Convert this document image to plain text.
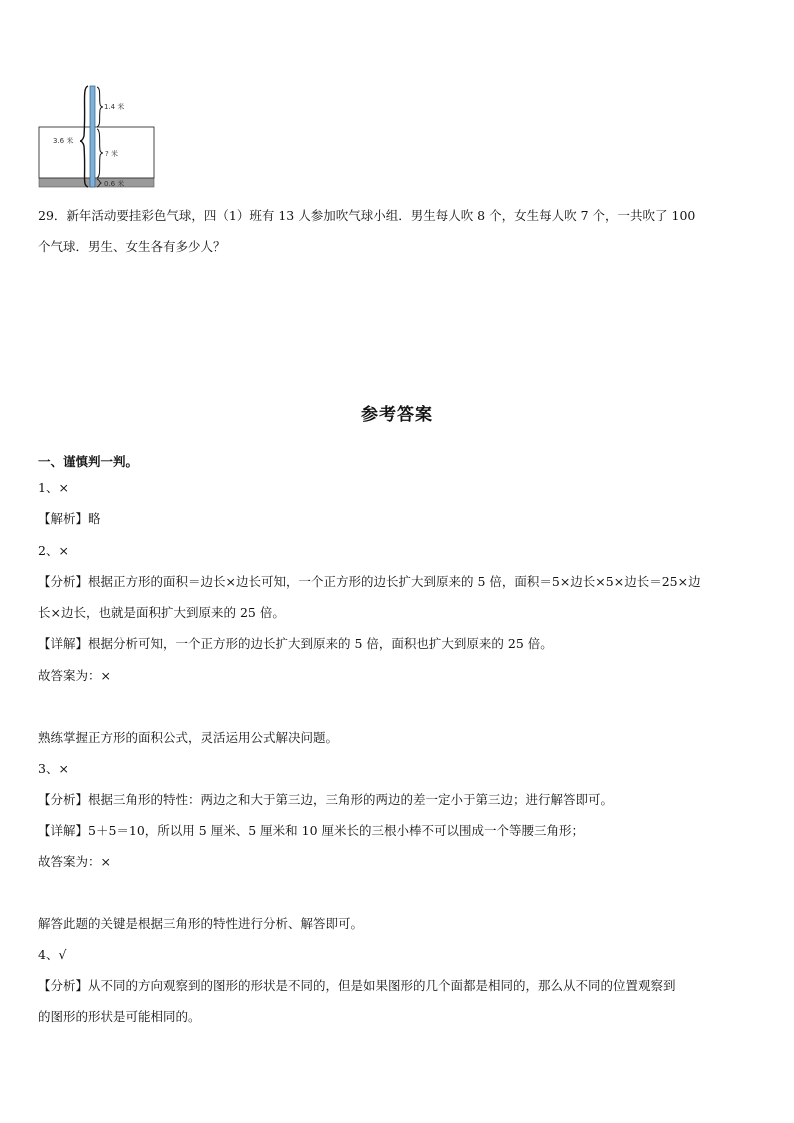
1.4 米
3.6 米
? 米
0.6 米
29．新年活动要挂彩色气球，四（1）班有 13 人参加吹气球小组．男生每人吹 8 个，女生每人吹 7 个，一共吹了 100
个气球．男生、女生各有多少人？
参考答案
一、谨慎判一判。
1、×
【解析】略
2、×
【分析】根据正方形的面积＝边长×边长可知，一个正方形的边长扩大到原来的 5 倍，面积＝5×边长×5×边长＝25×边
长×边长，也就是面积扩大到原来的 25 倍。
【详解】根据分析可知，一个正方形的边长扩大到原来的 5 倍，面积也扩大到原来的 25 倍。
故答案为：×
熟练掌握正方形的面积公式，灵活运用公式解决问题。
3、×
【分析】根据三角形的特性：两边之和大于第三边，三角形的两边的差一定小于第三边；进行解答即可。
【详解】5＋5＝10，所以用 5 厘米、5 厘米和 10 厘米长的三根小棒不可以围成一个等腰三角形；
故答案为：×
解答此题的关键是根据三角形的特性进行分析、解答即可。
4、√
【分析】从不同的方向观察到的图形的形状是不同的，但是如果图形的几个面都是相同的，那么从不同的位置观察到
的图形的形状是可能相同的。
